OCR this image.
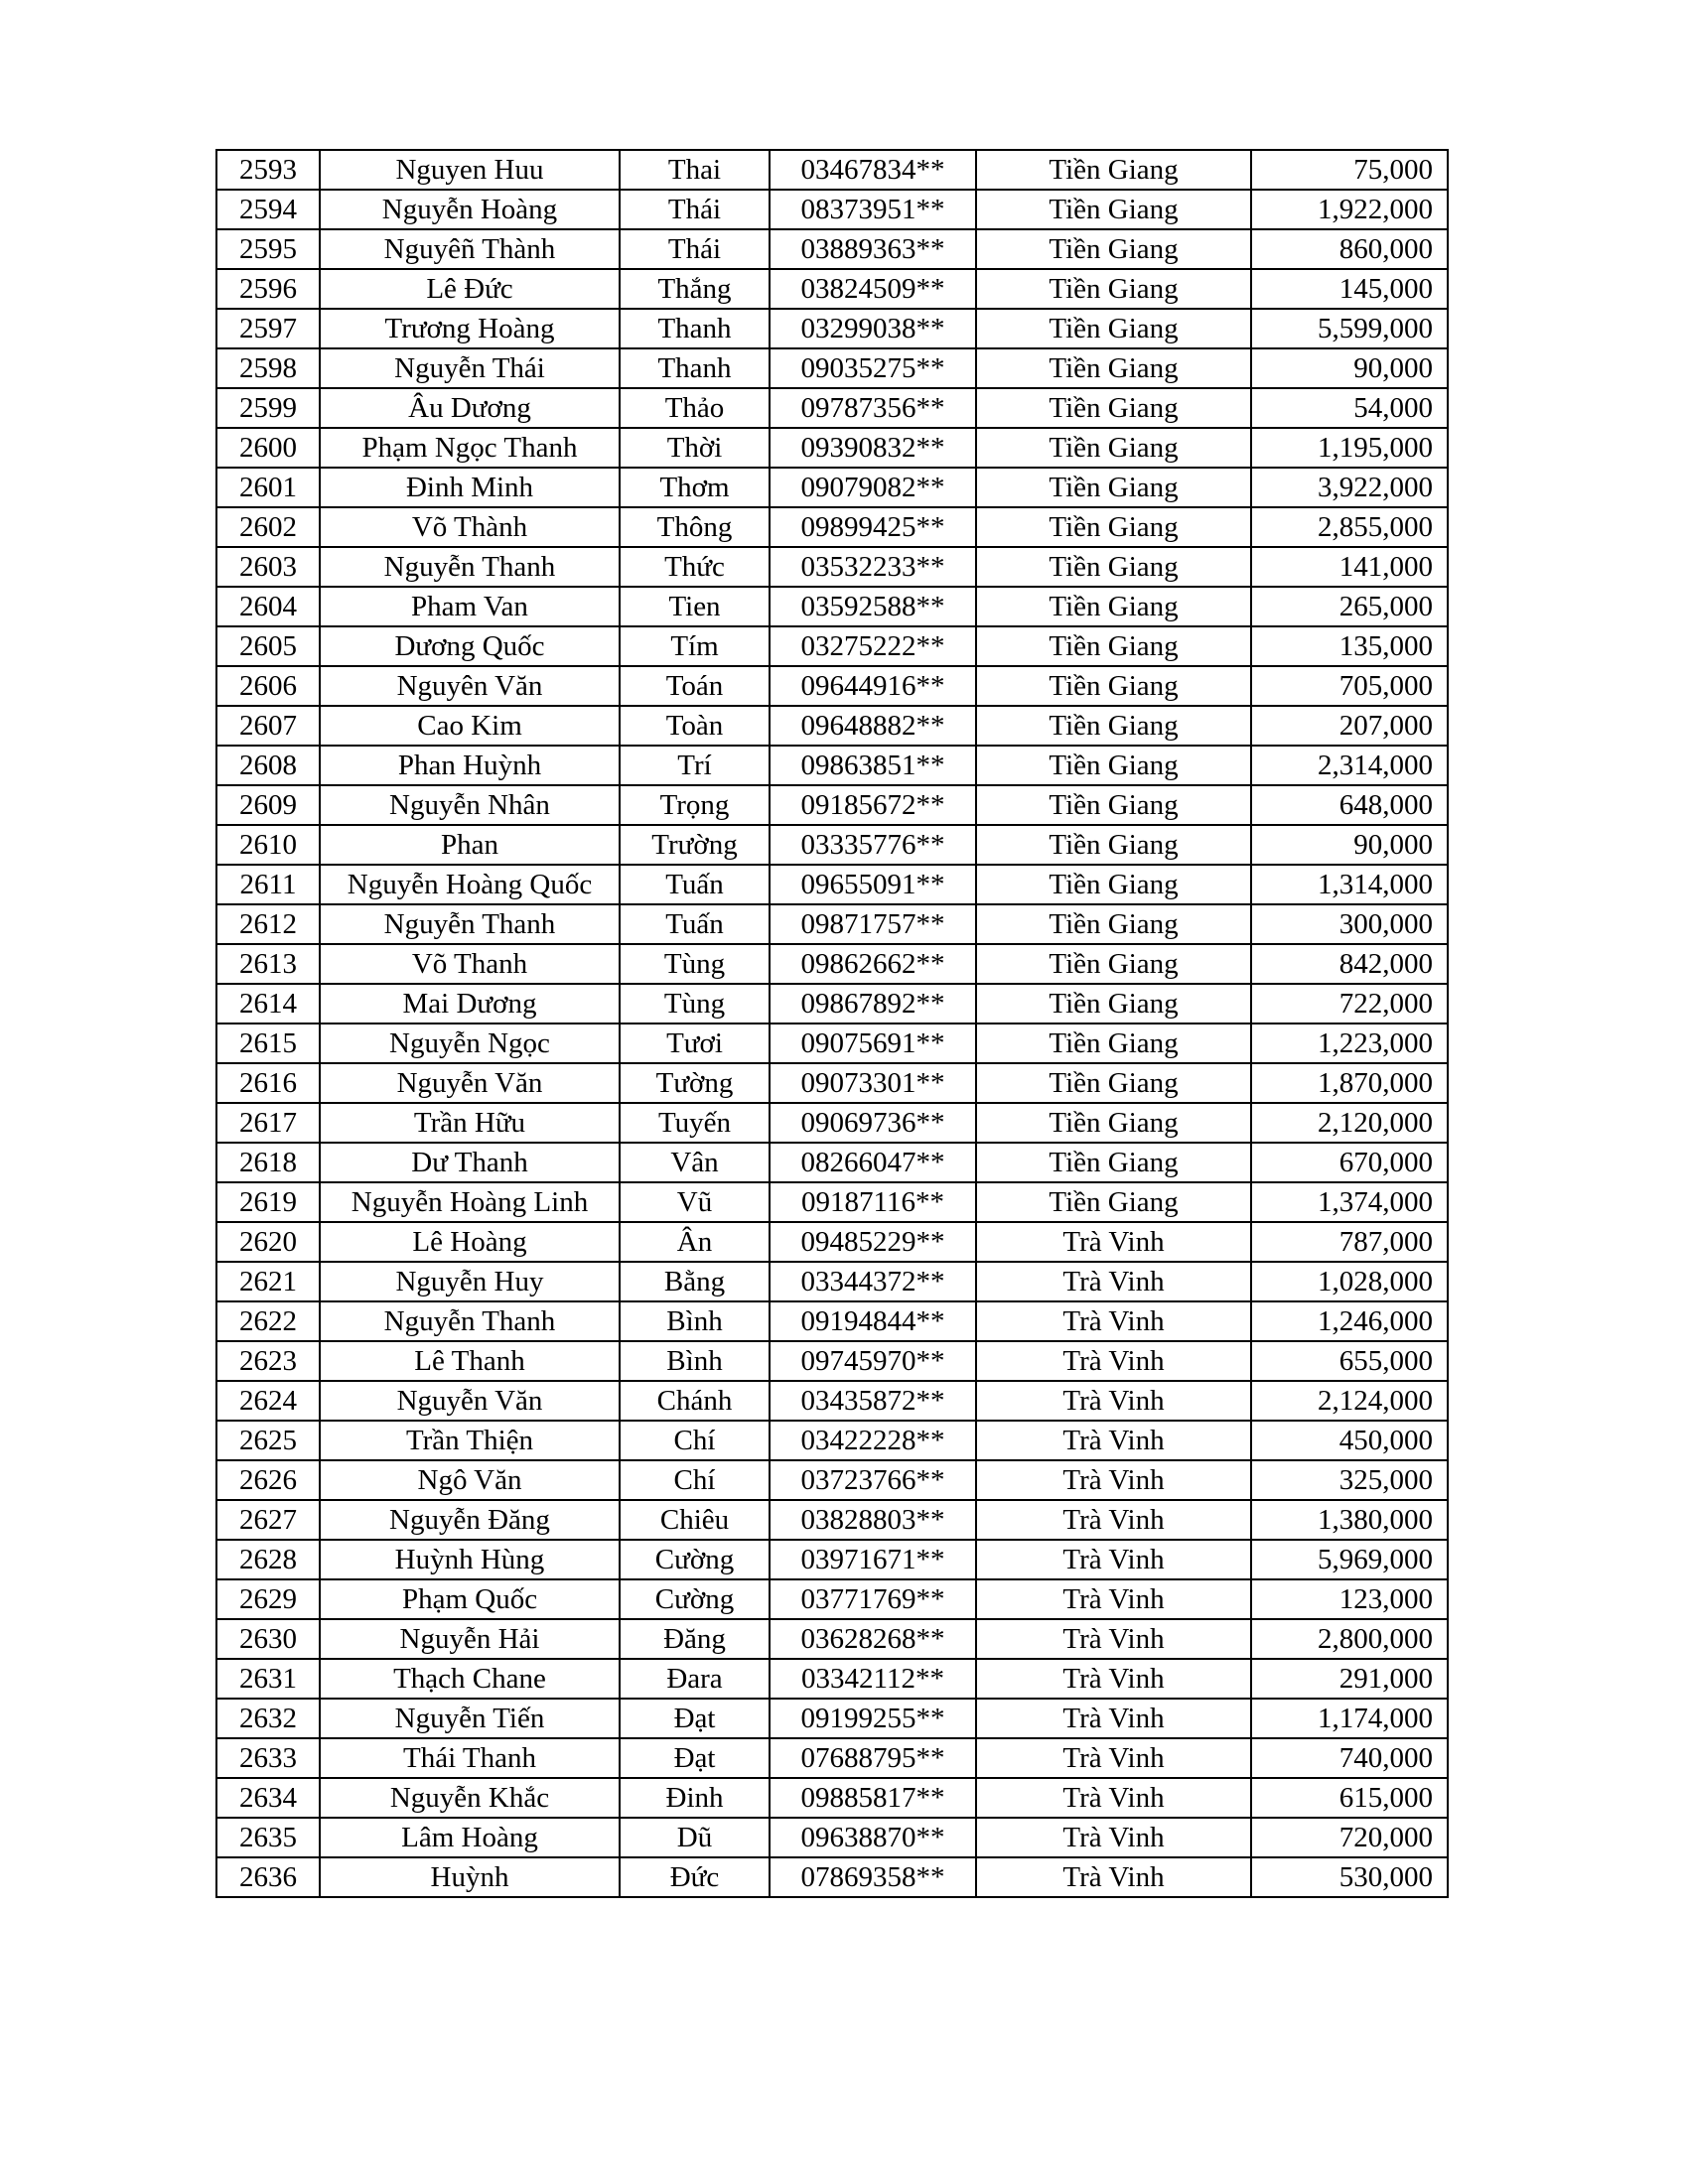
2593	Nguyen Huu	Thai	03467834**	Tiền Giang	75,000
2594	Nguyễn Hoàng	Thái	08373951**	Tiền Giang	1,922,000
2595	Nguyêñ Thành	Thái	03889363**	Tiền Giang	860,000
2596	Lê Đức	Thắng	03824509**	Tiền Giang	145,000
2597	Trương Hoàng	Thanh	03299038**	Tiền Giang	5,599,000
2598	Nguyễn Thái	Thanh	09035275**	Tiền Giang	90,000
2599	Âu Dương	Thảo	09787356**	Tiền Giang	54,000
2600	Phạm Ngọc Thanh	Thời	09390832**	Tiền Giang	1,195,000
2601	Đinh Minh	Thơm	09079082**	Tiền Giang	3,922,000
2602	Võ Thành	Thông	09899425**	Tiền Giang	2,855,000
2603	Nguyễn Thanh	Thức	03532233**	Tiền Giang	141,000
2604	Pham Van	Tien	03592588**	Tiền Giang	265,000
2605	Dương Quốc	Tím	03275222**	Tiền Giang	135,000
2606	Nguyên Văn	Toán	09644916**	Tiền Giang	705,000
2607	Cao Kim	Toàn	09648882**	Tiền Giang	207,000
2608	Phan Huỳnh	Trí	09863851**	Tiền Giang	2,314,000
2609	Nguyễn Nhân	Trọng	09185672**	Tiền Giang	648,000
2610	Phan	Trường	03335776**	Tiền Giang	90,000
2611	Nguyễn Hoàng Quốc	Tuấn	09655091**	Tiền Giang	1,314,000
2612	Nguyễn Thanh	Tuấn	09871757**	Tiền Giang	300,000
2613	Võ Thanh	Tùng	09862662**	Tiền Giang	842,000
2614	Mai Dương	Tùng	09867892**	Tiền Giang	722,000
2615	Nguyễn Ngọc	Tươi	09075691**	Tiền Giang	1,223,000
2616	Nguyễn Văn	Tường	09073301**	Tiền Giang	1,870,000
2617	Trần Hữu	Tuyến	09069736**	Tiền Giang	2,120,000
2618	Dư Thanh	Vân	08266047**	Tiền Giang	670,000
2619	Nguyễn Hoàng Linh	Vũ	09187116**	Tiền Giang	1,374,000
2620	Lê Hoàng	Ân	09485229**	Trà Vinh	787,000
2621	Nguyễn Huy	Bằng	03344372**	Trà Vinh	1,028,000
2622	Nguyễn Thanh	Bình	09194844**	Trà Vinh	1,246,000
2623	Lê Thanh	Bình	09745970**	Trà Vinh	655,000
2624	Nguyễn Văn	Chánh	03435872**	Trà Vinh	2,124,000
2625	Trần Thiện	Chí	03422228**	Trà Vinh	450,000
2626	Ngô Văn	Chí	03723766**	Trà Vinh	325,000
2627	Nguyễn Đăng	Chiêu	03828803**	Trà Vinh	1,380,000
2628	Huỳnh Hùng	Cường	03971671**	Trà Vinh	5,969,000
2629	Phạm Quốc	Cường	03771769**	Trà Vinh	123,000
2630	Nguyễn Hải	Đăng	03628268**	Trà Vinh	2,800,000
2631	Thạch Chane	Đara	03342112**	Trà Vinh	291,000
2632	Nguyễn Tiến	Đạt	09199255**	Trà Vinh	1,174,000
2633	Thái Thanh	Đạt	07688795**	Trà Vinh	740,000
2634	Nguyễn Khắc	Đinh	09885817**	Trà Vinh	615,000
2635	Lâm Hoàng	Dũ	09638870**	Trà Vinh	720,000
2636	Huỳnh	Đức	07869358**	Trà Vinh	530,000
